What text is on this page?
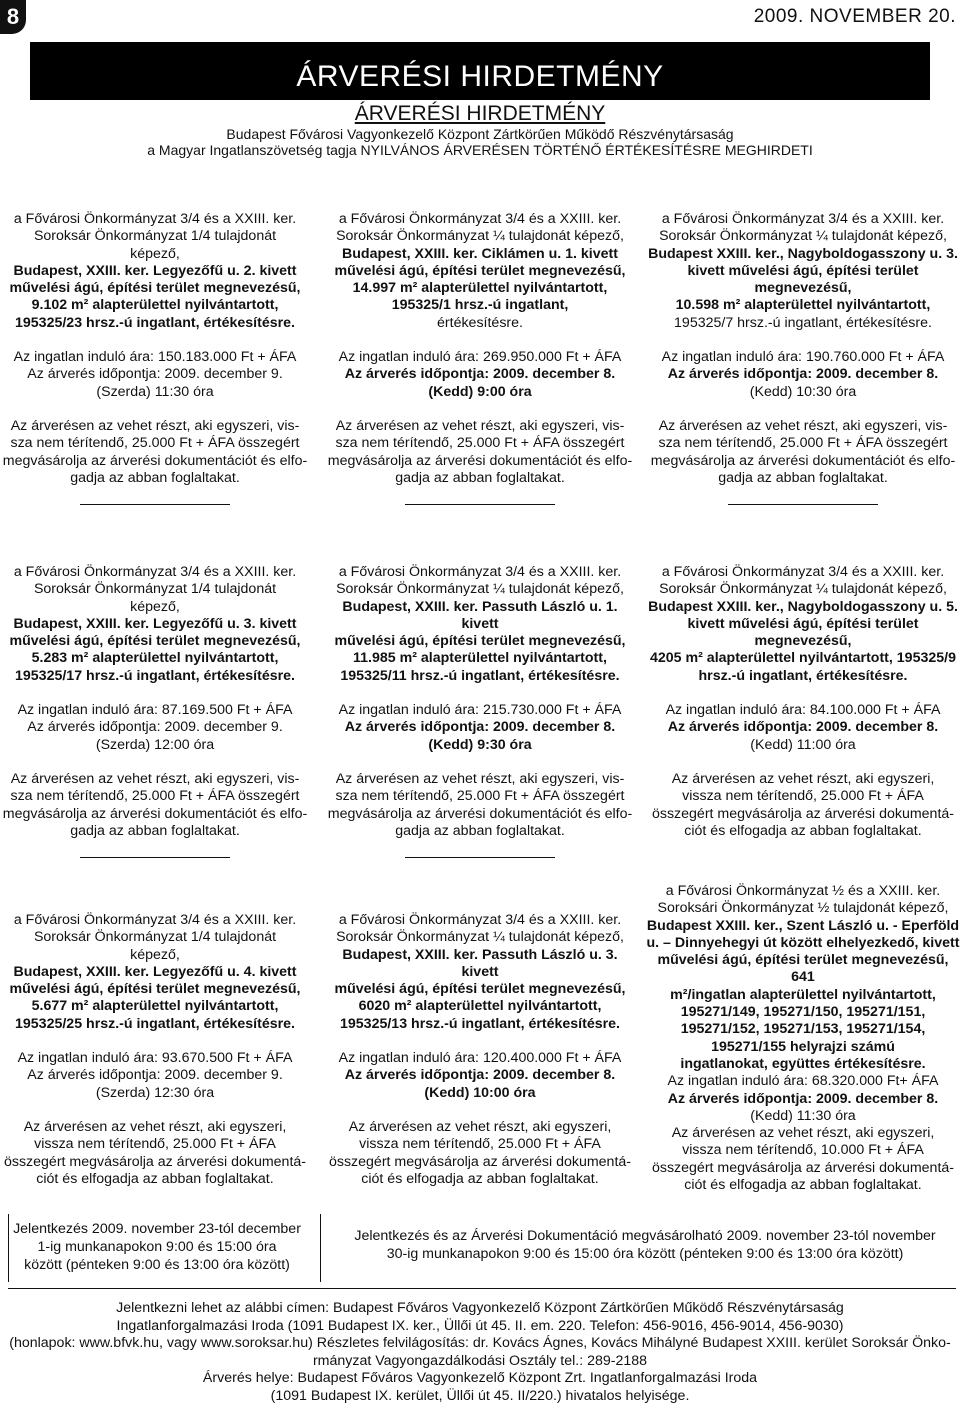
8	2009. NOVEMBER 20.
ÁRVERÉSI HIRDETMÉNY
ÁRVERÉSI HIRDETMÉNY
Budapest Fővárosi Vagyonkezelő Központ Zártkörűen Működő Részvénytársaság
a Magyar Ingatlanszövetség tagja NYILVÁNOS ÁRVERÉSEN TÖRTÉNŐ ÉRTÉKESÍTÉSRE MEGHIRDETI

a Fővárosi Önkormányzat 3/4 és a XXIII. ker.

Soroksár Önkormányzat 1/4 tulajdonát

képező,

Budapest, XXIII. ker. Legyezőfű u. 2. kivett

művelési ágú, építési terület megnevezésű,

9.102 m² alapterülettel nyilvántartott,

195325/23 hrsz.-ú ingatlant, értékesítésre.

Az ingatlan induló ára: 150.183.000 Ft + ÁFA

Az árverés időpontja: 2009. december 9.

(Szerda) 11:30 óra

Az árverésen az vehet részt, aki egyszeri, vis-

sza nem térítendő, 25.000 Ft + ÁFA összegért

megvásárolja az árverési dokumentációt és elfo-

gadja az abban foglaltakat.

a Fővárosi Önkormányzat 3/4 és a XXIII. ker.

Soroksár Önkormányzat ¼ tulajdonát képező,

Budapest, XXIII. ker. Ciklámen u. 1. kivett

művelési ágú, építési terület megnevezésű,

14.997 m² alapterülettel nyilvántartott,

195325/1 hrsz.-ú ingatlant,

értékesítésre.

Az ingatlan induló ára: 269.950.000 Ft + ÁFA

Az árverés időpontja: 2009. december 8.

(Kedd) 9:00 óra

Az árverésen az vehet részt, aki egyszeri, vis-

sza nem térítendő, 25.000 Ft + ÁFA összegért

megvásárolja az árverési dokumentációt és elfo-

gadja az abban foglaltakat.

a Fővárosi Önkormányzat 3/4 és a XXIII. ker.

Soroksár Önkormányzat ¼ tulajdonát képező,

Budapest XXIII. ker., Nagyboldogasszony u. 3.

kivett művelési ágú, építési terület megnevezésű,

10.598 m² alapterülettel nyilvántartott,

195325/7 hrsz.-ú ingatlant, értékesítésre.

Az ingatlan induló ára: 190.760.000 Ft + ÁFA

Az árverés időpontja: 2009. december 8.

(Kedd) 10:30 óra

Az árverésen az vehet részt, aki egyszeri, vis-

sza nem térítendő, 25.000 Ft + ÁFA összegért

megvásárolja az árverési dokumentációt és elfo-

gadja az abban foglaltakat.

a Fővárosi Önkormányzat 3/4 és a XXIII. ker.

Soroksár Önkormányzat 1/4 tulajdonát

képező,

Budapest, XXIII. ker. Legyezőfű u. 3. kivett

művelési ágú, építési terület megnevezésű,

5.283 m² alapterülettel nyilvántartott,

195325/17 hrsz.-ú ingatlant, értékesítésre.

Az ingatlan induló ára: 87.169.500 Ft + ÁFA

Az árverés időpontja: 2009. december 9.

(Szerda) 12:00 óra

Az árverésen az vehet részt, aki egyszeri, vis-

sza nem térítendő, 25.000 Ft + ÁFA összegért

megvásárolja az árverési dokumentációt és elfo-

gadja az abban foglaltakat.

a Fővárosi Önkormányzat 3/4 és a XXIII. ker.

Soroksár Önkormányzat ¼ tulajdonát képező,

Budapest, XXIII. ker. Passuth László u. 1. kivett

művelési ágú, építési terület megnevezésű,

11.985 m² alapterülettel nyilvántartott,

195325/11 hrsz.-ú ingatlant, értékesítésre.

Az ingatlan induló ára: 215.730.000 Ft + ÁFA

Az árverés időpontja: 2009. december 8.

(Kedd) 9:30 óra

Az árverésen az vehet részt, aki egyszeri, vis-

sza nem térítendő, 25.000 Ft + ÁFA összegért

megvásárolja az árverési dokumentációt és elfo-

gadja az abban foglaltakat.

a Fővárosi Önkormányzat 3/4 és a XXIII. ker.

Soroksár Önkormányzat ¼ tulajdonát képező,

Budapest XXIII. ker., Nagyboldogasszony u. 5.

kivett művelési ágú, építési terület megnevezésű,

4205 m² alapterülettel nyilvántartott, 195325/9

hrsz.-ú ingatlant, értékesítésre.

Az ingatlan induló ára: 84.100.000 Ft + ÁFA

Az árverés időpontja: 2009. december 8.

(Kedd) 11:00 óra

Az árverésen az vehet részt, aki egyszeri,

vissza nem térítendő, 25.000 Ft + ÁFA

összegért megvásárolja az árverési dokumentá-

ciót és elfogadja az abban foglaltakat.

a Fővárosi Önkormányzat 3/4 és a XXIII. ker.

Soroksár Önkormányzat 1/4 tulajdonát

képező,

Budapest, XXIII. ker. Legyezőfű u. 4. kivett

művelési ágú, építési terület megnevezésű,

5.677 m² alapterülettel nyilvántartott,

195325/25 hrsz.-ú ingatlant, értékesítésre.

Az ingatlan induló ára: 93.670.500 Ft + ÁFA

Az árverés időpontja: 2009. december 9.

(Szerda) 12:30 óra

Az árverésen az vehet részt, aki egyszeri,

vissza nem térítendő, 25.000 Ft + ÁFA

összegért megvásárolja az árverési dokumentá-

ciót és elfogadja az abban foglaltakat.

a Fővárosi Önkormányzat 3/4 és a XXIII. ker.

Soroksár Önkormányzat ¼ tulajdonát képező,

Budapest, XXIII. ker. Passuth László u. 3. kivett

művelési ágú, építési terület megnevezésű,

6020 m² alapterülettel nyilvántartott,

195325/13 hrsz.-ú ingatlant, értékesítésre.

Az ingatlan induló ára: 120.400.000 Ft + ÁFA

Az árverés időpontja: 2009. december 8.

(Kedd) 10:00 óra

Az árverésen az vehet részt, aki egyszeri,

vissza nem térítendő, 25.000 Ft + ÁFA

összegért megvásárolja az árverési dokumentá-

ciót és elfogadja az abban foglaltakat.

a Fővárosi Önkormányzat ½ és a XXIII. ker.

Soroksári Önkormányzat ½ tulajdonát képező,

Budapest XXIII. ker., Szent László u. - Eperföld

u. – Dinnyehegyi út között elhelyezkedő, kivett

művelési ágú, építési terület megnevezésű, 641

m²/ingatlan alapterülettel nyilvántartott,

195271/149, 195271/150, 195271/151,

195271/152, 195271/153, 195271/154,

195271/155 helyrajzi számú

ingatlanokat, együttes értékesítésre.

Az ingatlan induló ára: 68.320.000 Ft+ ÁFA

Az árverés időpontja: 2009. december 8.

(Kedd) 11:30 óra

Az árverésen az vehet részt, aki egyszeri,

vissza nem térítendő, 10.000 Ft + ÁFA

összegért megvásárolja az árverési dokumentá-

ciót és elfogadja az abban foglaltakat.

Jelentkezés 2009. november 23-tól december
1-ig munkanapokon 9:00 és 15:00 óra
között (pénteken 9:00 és 13:00 óra között)
Jelentkezés és az Árverési Dokumentáció megvásárolható 2009. november 23-tól november
30-ig munkanapokon 9:00 és 15:00 óra között (pénteken 9:00 és 13:00 óra között)
Jelentkezni lehet az alábbi címen: Budapest Főváros Vagyonkezelő Központ Zártkörűen Működő Részvénytársaság
Ingatlanforgalmazási Iroda (1091 Budapest IX. ker., Üllői út 45. II. em. 220. Telefon: 456-9016, 456-9014, 456-9030)
(honlapok: www.bfvk.hu, vagy www.soroksar.hu) Részletes felvilágosítás: dr. Kovács Ágnes, Kovács Mihályné Budapest XXIII. kerület Soroksár Önko-
rmányzat Vagyongazdálkodási Osztály tel.: 289-2188
Árverés helye: Budapest Főváros Vagyonkezelő Központ Zrt. Ingatlanforgalmazási Iroda
(1091 Budapest IX. kerület, Üllői út 45. II/220.) hivatalos helyisége.
